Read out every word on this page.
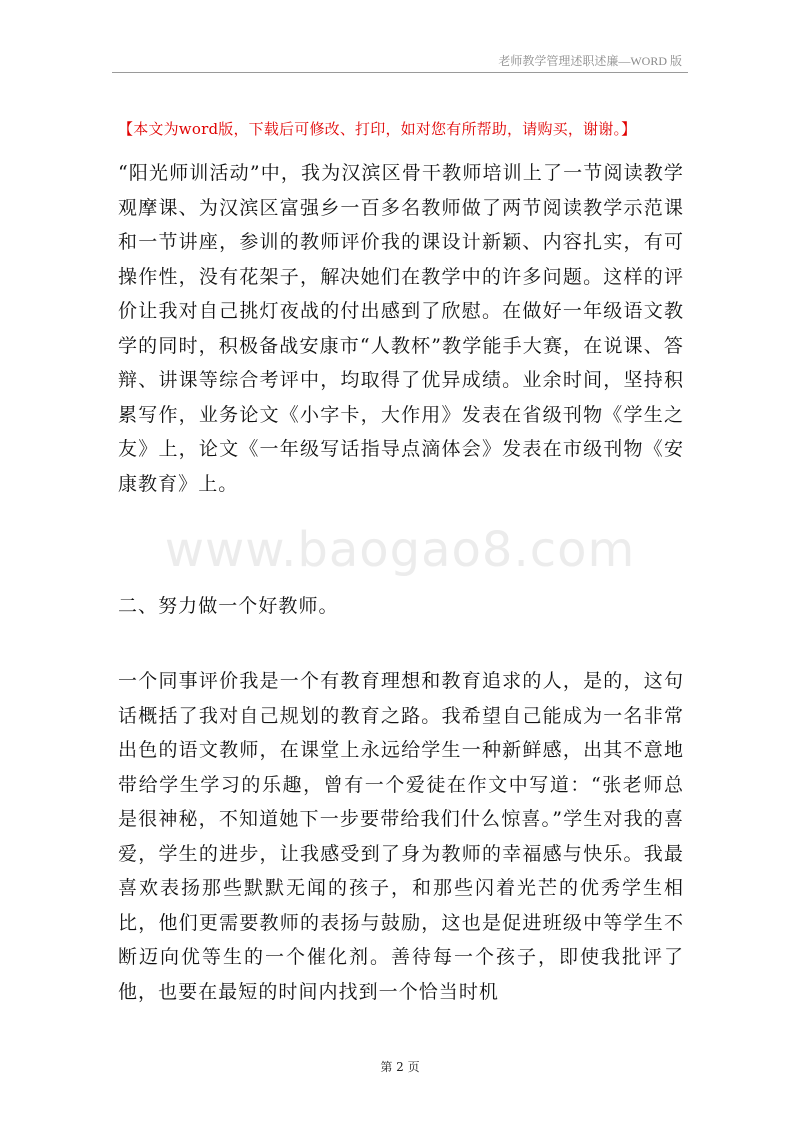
老师教学管理述职述廉—WORD 版
【本文为word版，下载后可修改、打印，如对您有所帮助，请购买，谢谢。】
“阳光师训活动”中，我为汉滨区骨干教师培训上了一节阅读教学观摩课、为汉滨区富强乡一百多名教师做了两节阅读教学示范课和一节讲座，参训的教师评价我的课设计新颖、内容扎实，有可操作性，没有花架子，解决她们在教学中的许多问题。这样的评价让我对自己挑灯夜战的付出感到了欣慰。在做好一年级语文教学的同时，积极备战安康市“人教杯”教学能手大赛，在说课、答辩、讲课等综合考评中，均取得了优异成绩。业余时间，坚持积累写作，业务论文《小字卡，大作用》发表在省级刊物《学生之友》上，论文《一年级写话指导点滴体会》发表在市级刊物《安康教育》上。
www.baogao8.com
二、努力做一个好教师。
一个同事评价我是一个有教育理想和教育追求的人，是的，这句话概括了我对自己规划的教育之路。我希望自己能成为一名非常出色的语文教师，在课堂上永远给学生一种新鲜感，出其不意地带给学生学习的乐趣，曾有一个爱徒在作文中写道：“张老师总是很神秘，不知道她下一步要带给我们什么惊喜。”学生对我的喜爱，学生的进步，让我感受到了身为教师的幸福感与快乐。我最喜欢表扬那些默默无闻的孩子，和那些闪着光芒的优秀学生相比，他们更需要教师的表扬与鼓励，这也是促进班级中等学生不断迈向优等生的一个催化剂。善待每一个孩子，即使我批评了他，也要在最短的时间内找到一个恰当时机
第 2 页
